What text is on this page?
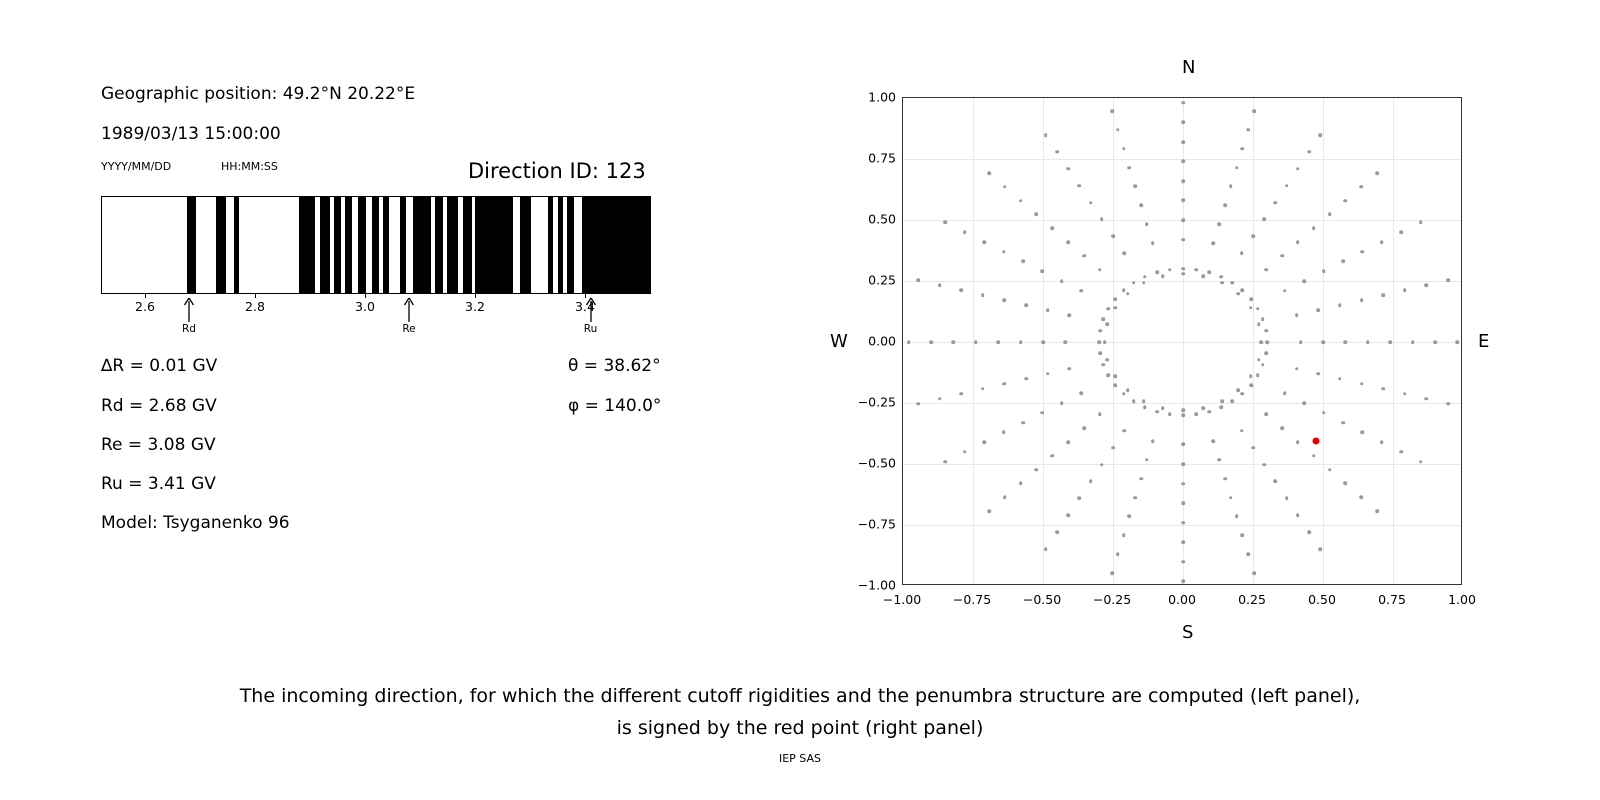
Geographic position: 49.2°N 20.22°E
1989/03/13 15:00:00
YYYY/MM/DD	HH:MM:SS	Direction ID: 123
2.6	2.8	3.0	3.2	3.4
Rd	Re	Ru
∆R = 0.01 GV
Rd = 2.68 GV
Re = 3.08 GV
Ru = 3.41 GV
Model: Tsyganenko 96
θ = 38.62°
φ = 140.0°
N
S
W	E
−1.00	−0.75	−0.50	−0.25	0.00	0.25	0.50	0.75	1.00
−1.00
−0.75
−0.50
−0.25
0.00
0.25
0.50
0.75
1.00
The incoming direction, for which the different cutoff rigidities and the penumbra structure are computed (left panel),
is signed by the red point (right panel)
IEP SAS
